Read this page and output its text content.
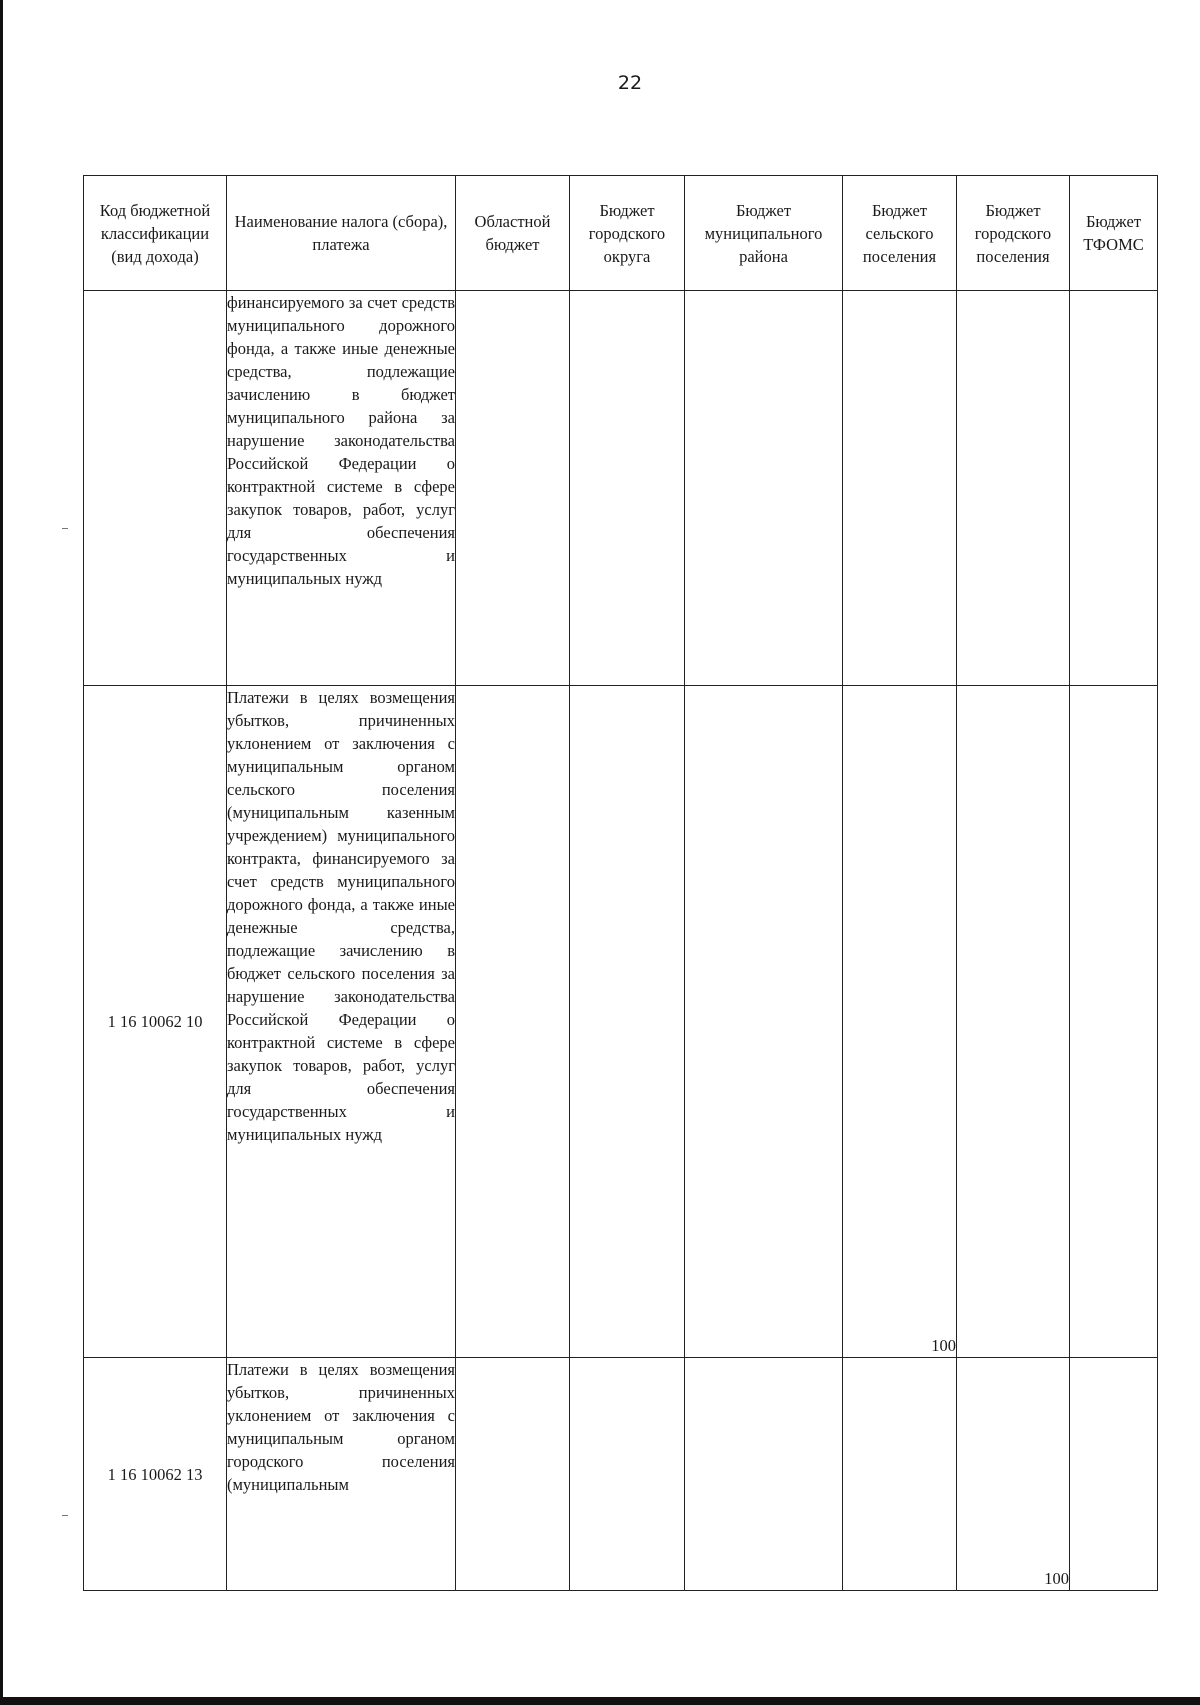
22
Код бюджетной классификации (вид дохода)	Наименование налога (сбора), платежа	Областной бюджет	Бюджет городского округа	Бюджет муниципального района	Бюджет сельского поселения	Бюджет городского поселения	Бюджет ТФОМС
	финансируемого за счет средств муниципального дорожного фонда, а также иные денежные средства, подлежащие зачислению в бюджет муниципального района за нарушение законодательства Российской Федерации о контрактной системе в сфере закупок товаров, работ, услуг для обеспечения государственных и муниципальных нужд						
1 16 10062 10	Платежи в целях возмещения убытков, причиненных уклонением от заключения с муниципальным органом сельского поселения (муниципальным казенным учреждением) муниципального контракта, финансируемого за счет средств муниципального дорожного фонда, а также иные денежные средства, подлежащие зачислению в бюджет сельского поселения за нарушение законодательства Российской Федерации о контрактной системе в сфере закупок товаров, работ, услуг для обеспечения государственных и муниципальных нужд				100		
1 16 10062 13	Платежи в целях возмещения убытков, причиненных уклонением от заключения с муниципальным органом городского поселения (муниципальным					100	
